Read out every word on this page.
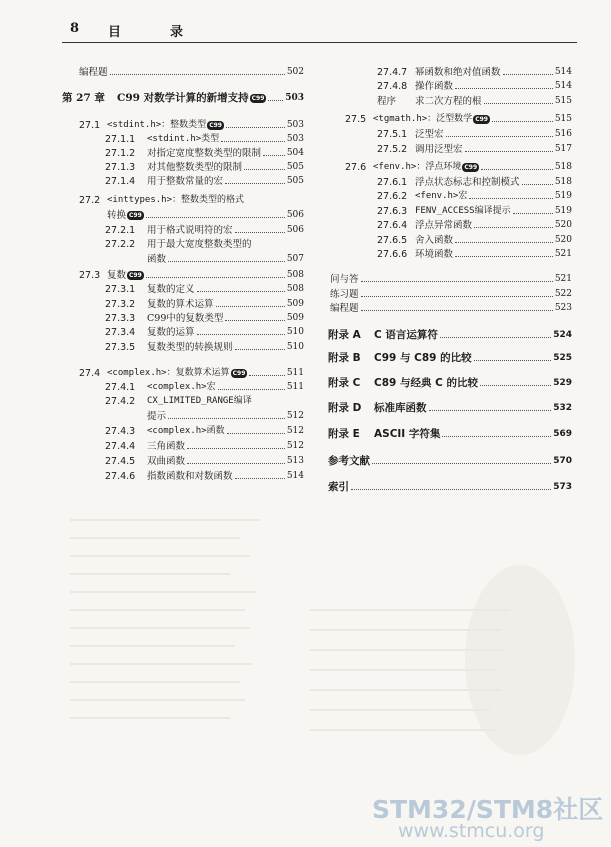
8 目　录
编程题	502
第 27 章	C99 对数学计算的新增支持 C99 503
27.1 <stdint.h>：整数类型 C99	503
27.1.1	<stdint.h>类型	503
27.1.2	对指定宽度整数类型的限制	504
27.1.3	对其他整数类型的限制	505
27.1.4	用于整数常量的宏	505
27.2 <inttypes.h>：整数类型的格式
转换 C99	506
27.2.1	用于格式说明符的宏	506
27.2.2	用于最大宽度整数类型的
函数	507
27.3 复数 C99	508
27.3.1	复数的定义	508
27.3.2	复数的算术运算	509
27.3.3	C99中的复数类型	509
27.3.4	复数的运算	510
27.3.5	复数类型的转换规则	510
27.4 <complex.h>：复数算术运算 C99	511
27.4.1	<complex.h>宏	511
27.4.2	CX_LIMITED_RANGE编译
提示	512
27.4.3	<complex.h>函数	512
27.4.4	三角函数	512
27.4.5	双曲函数	513
27.4.6	指数函数和对数函数	514
27.4.7 幂函数和绝对值函数	514
27.4.8 操作函数	514
程序	求二次方程的根	515
27.5 <tgmath.h>：泛型数学 C99	515
27.5.1 泛型宏	516
27.5.2 调用泛型宏	517
27.6 <fenv.h>：浮点环境 C99	518
27.6.1 浮点状态标志和控制模式	518
27.6.2 <fenv.h>宏	519
27.6.3 FENV_ACCESS编译提示	519
27.6.4 浮点异常函数	520
27.6.5 舍入函数	520
27.6.6 环境函数	521
问与答	521
练习题	522
编程题	523
附录 A	C 语言运算符	524
附录 B	C99 与 C89 的比较	525
附录 C	C89 与经典 C 的比较	529
附录 D	标准库函数	532
附录 E	ASCII 字符集	569
参考文献	570
索引	573
STM32/STM8社区
www.stmcu.org
